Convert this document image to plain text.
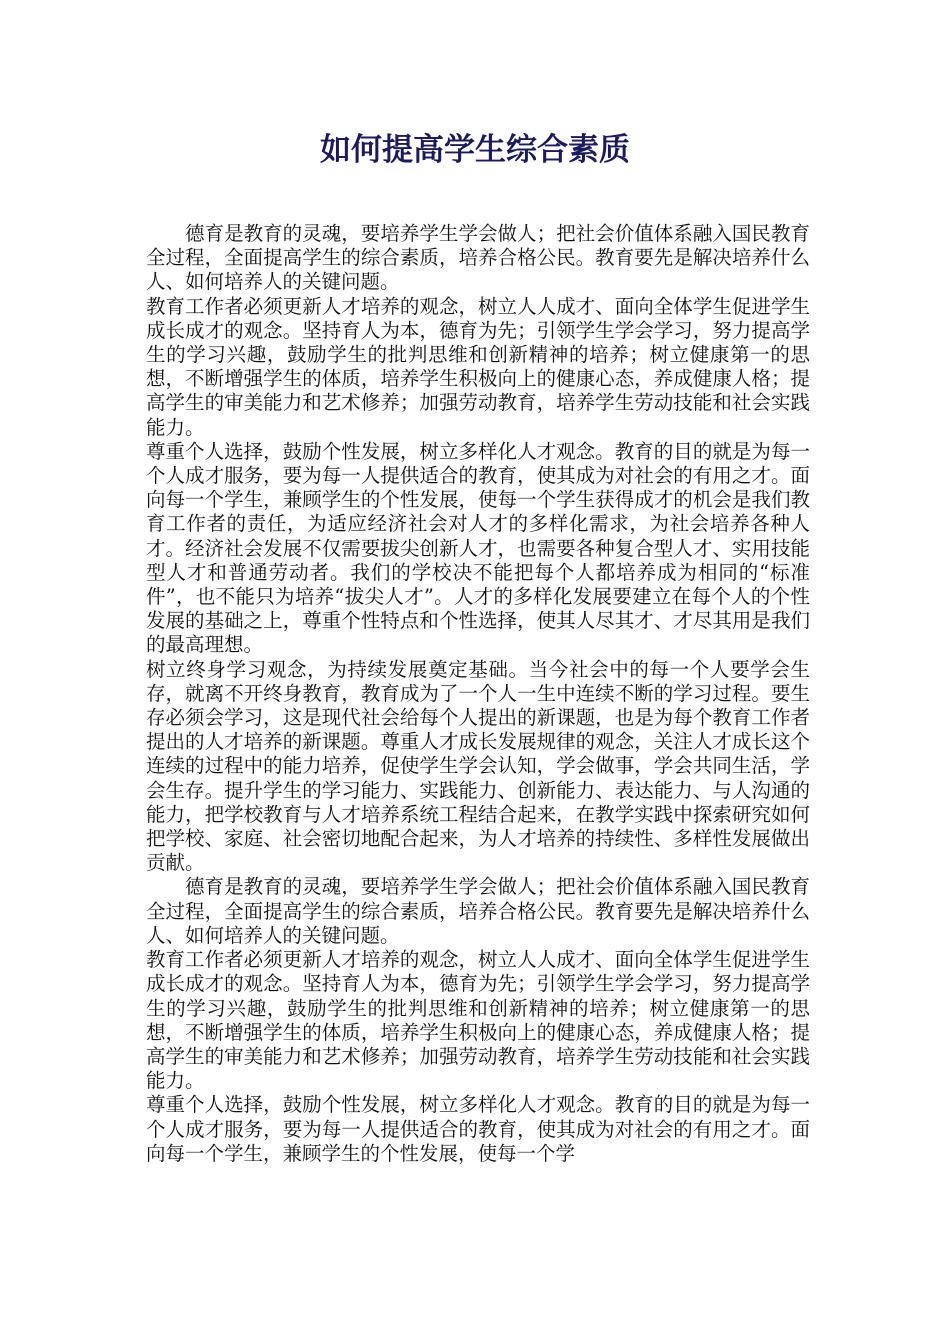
如何提高学生综合素质

德育是教育的灵魂，要培养学生学会做人；把社会价值体系融入国民教育全过程，全面提高学生的综合素质，培养合格公民。教育要先是解决培养什么人、如何培养人的关键问题。

教育工作者必须更新人才培养的观念，树立人人成才、面向全体学生促进学生成长成才的观念。坚持育人为本，德育为先；引领学生学会学习，努力提高学生的学习兴趣，鼓励学生的批判思维和创新精神的培养；树立健康第一的思想，不断增强学生的体质，培养学生积极向上的健康心态，养成健康人格；提高学生的审美能力和艺术修养；加强劳动教育，培养学生劳动技能和社会实践能力。

尊重个人选择，鼓励个性发展，树立多样化人才观念。教育的目的就是为每一个人成才服务，要为每一人提供适合的教育，使其成为对社会的有用之才。面向每一个学生，兼顾学生的个性发展，使每一个学生获得成才的机会是我们教育工作者的责任，为适应经济社会对人才的多样化需求，为社会培养各种人才。经济社会发展不仅需要拔尖创新人才，也需要各种复合型人才、实用技能型人才和普通劳动者。我们的学校决不能把每个人都培养成为相同的“标准件”，也不能只为培养“拔尖人才”。人才的多样化发展要建立在每个人的个性发展的基础之上，尊重个性特点和个性选择，使其人尽其才、才尽其用是我们的最高理想。

树立终身学习观念，为持续发展奠定基础。当今社会中的每一个人要学会生存，就离不开终身教育，教育成为了一个人一生中连续不断的学习过程。要生存必须会学习，这是现代社会给每个人提出的新课题，也是为每个教育工作者提出的人才培养的新课题。尊重人才成长发展规律的观念，关注人才成长这个连续的过程中的能力培养，促使学生学会认知，学会做事，学会共同生活，学会生存。提升学生的学习能力、实践能力、创新能力、表达能力、与人沟通的能力，把学校教育与人才培养系统工程结合起来，在教学实践中探索研究如何把学校、家庭、社会密切地配合起来，为人才培养的持续性、多样性发展做出贡献。

德育是教育的灵魂，要培养学生学会做人；把社会价值体系融入国民教育全过程，全面提高学生的综合素质，培养合格公民。教育要先是解决培养什么人、如何培养人的关键问题。

教育工作者必须更新人才培养的观念，树立人人成才、面向全体学生促进学生成长成才的观念。坚持育人为本，德育为先；引领学生学会学习，努力提高学生的学习兴趣，鼓励学生的批判思维和创新精神的培养；树立健康第一的思想，不断增强学生的体质，培养学生积极向上的健康心态，养成健康人格；提高学生的审美能力和艺术修养；加强劳动教育，培养学生劳动技能和社会实践能力。

尊重个人选择，鼓励个性发展，树立多样化人才观念。教育的目的就是为每一个人成才服务，要为每一人提供适合的教育，使其成为对社会的有用之才。面向每一个学生，兼顾学生的个性发展，使每一个学
